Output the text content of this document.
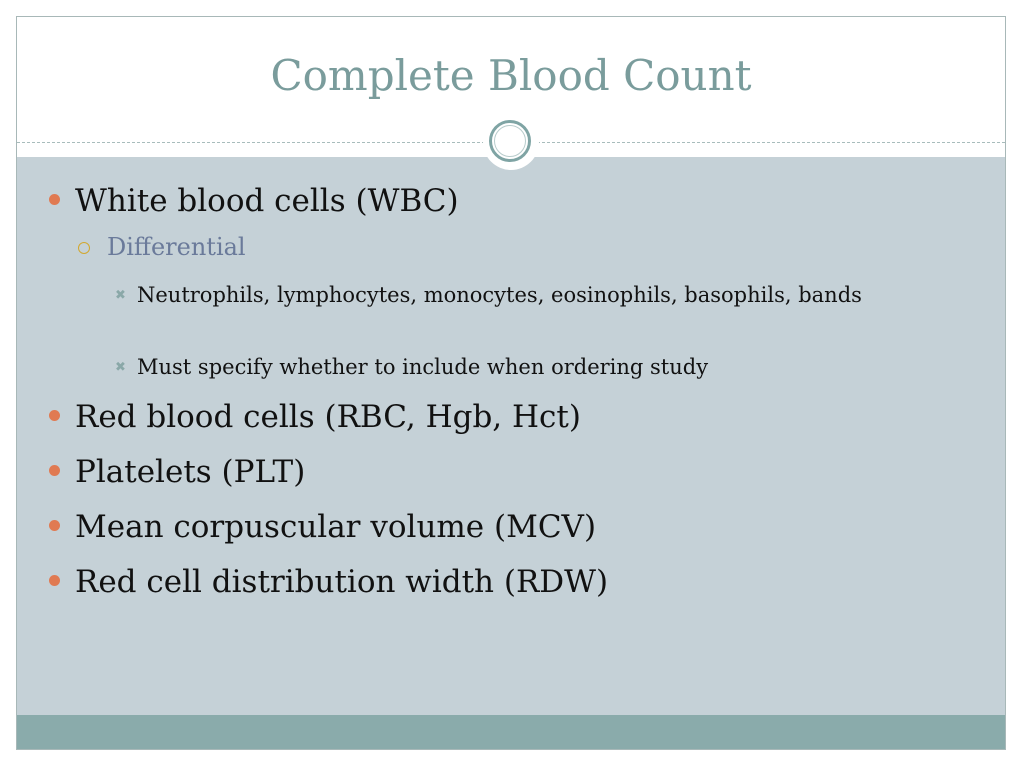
Complete Blood Count
White blood cells (WBC)
Differential
✖ Neutrophils, lymphocytes, monocytes, eosinophils, basophils, bands
✖ Must specify whether to include when ordering study
Red blood cells (RBC, Hgb, Hct)
Platelets (PLT)
Mean corpuscular volume (MCV)
Red cell distribution width (RDW)
